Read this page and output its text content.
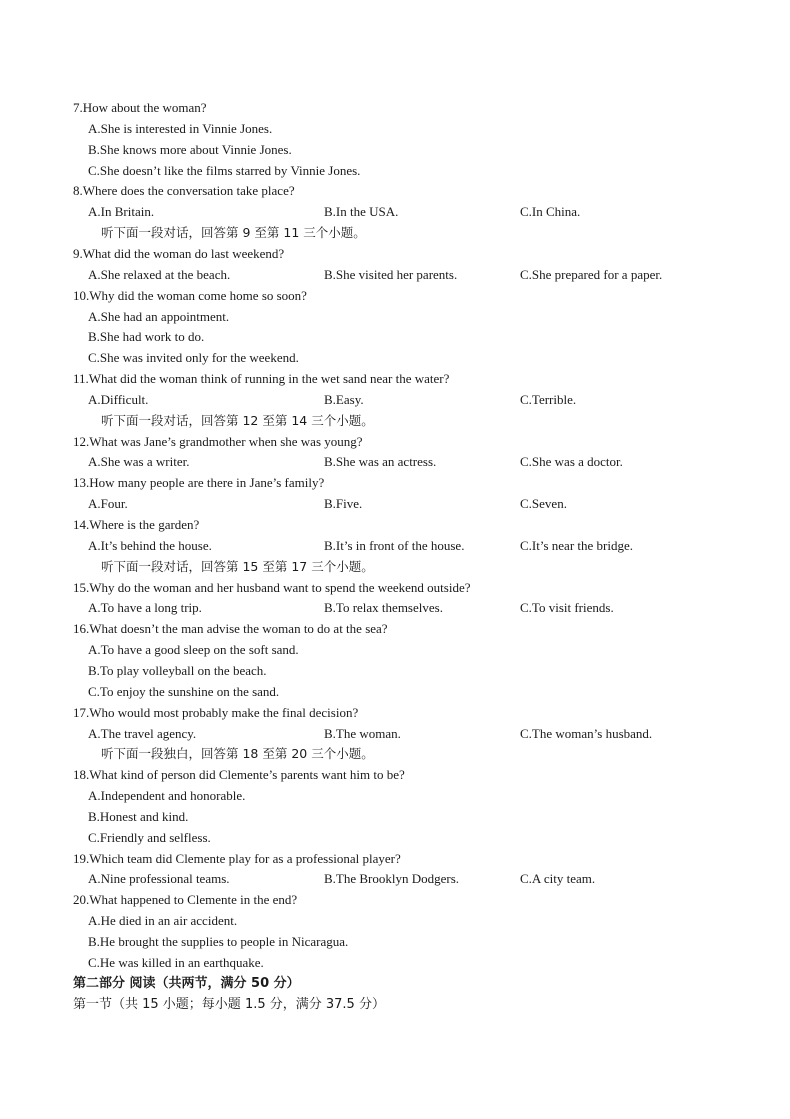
7.How about the woman?
A.She is interested in Vinnie Jones.
B.She knows more about Vinnie Jones.
C.She doesn’t like the films starred by Vinnie Jones.
8.Where does the conversation take place?
A.In Britain.	B.In the USA.	C.In China.
听下面一段对话，回答第 9 至第 11 三个小题。
9.What did the woman do last weekend?
A.She relaxed at the beach.	B.She visited her parents.	C.She prepared for a paper.
10.Why did the woman come home so soon?
A.She had an appointment.
B.She had work to do.
C.She was invited only for the weekend.
11.What did the woman think of running in the wet sand near the water?
A.Difficult.	B.Easy.	C.Terrible.
听下面一段对话，回答第 12 至第 14 三个小题。
12.What was Jane’s grandmother when she was young?
A.She was a writer.	B.She was an actress.	C.She was a doctor.
13.How many people are there in Jane’s family?
A.Four.	B.Five.	C.Seven.
14.Where is the garden?
A.It’s behind the house.	B.It’s in front of the house.	C.It’s near the bridge.
听下面一段对话，回答第 15 至第 17 三个小题。
15.Why do the woman and her husband want to spend the weekend outside?
A.To have a long trip.	B.To relax themselves.	C.To visit friends.
16.What doesn’t the man advise the woman to do at the sea?
A.To have a good sleep on the soft sand.
B.To play volleyball on the beach.
C.To enjoy the sunshine on the sand.
17.Who would most probably make the final decision?
A.The travel agency.	B.The woman.	C.The woman’s husband.
听下面一段独白，回答第 18 至第 20 三个小题。
18.What kind of person did Clemente’s parents want him to be?
A.Independent and honorable.
B.Honest and kind.
C.Friendly and selfless.
19.Which team did Clemente play for as a professional player?
A.Nine professional teams.	B.The Brooklyn Dodgers.	C.A city team.
20.What happened to Clemente in the end?
A.He died in an air accident.
B.He brought the supplies to people in Nicaragua.
C.He was killed in an earthquake.
第二部分 阅读（共两节，满分 50 分）
第一节（共 15 小题；每小题 1.5 分，满分 37.5 分）
